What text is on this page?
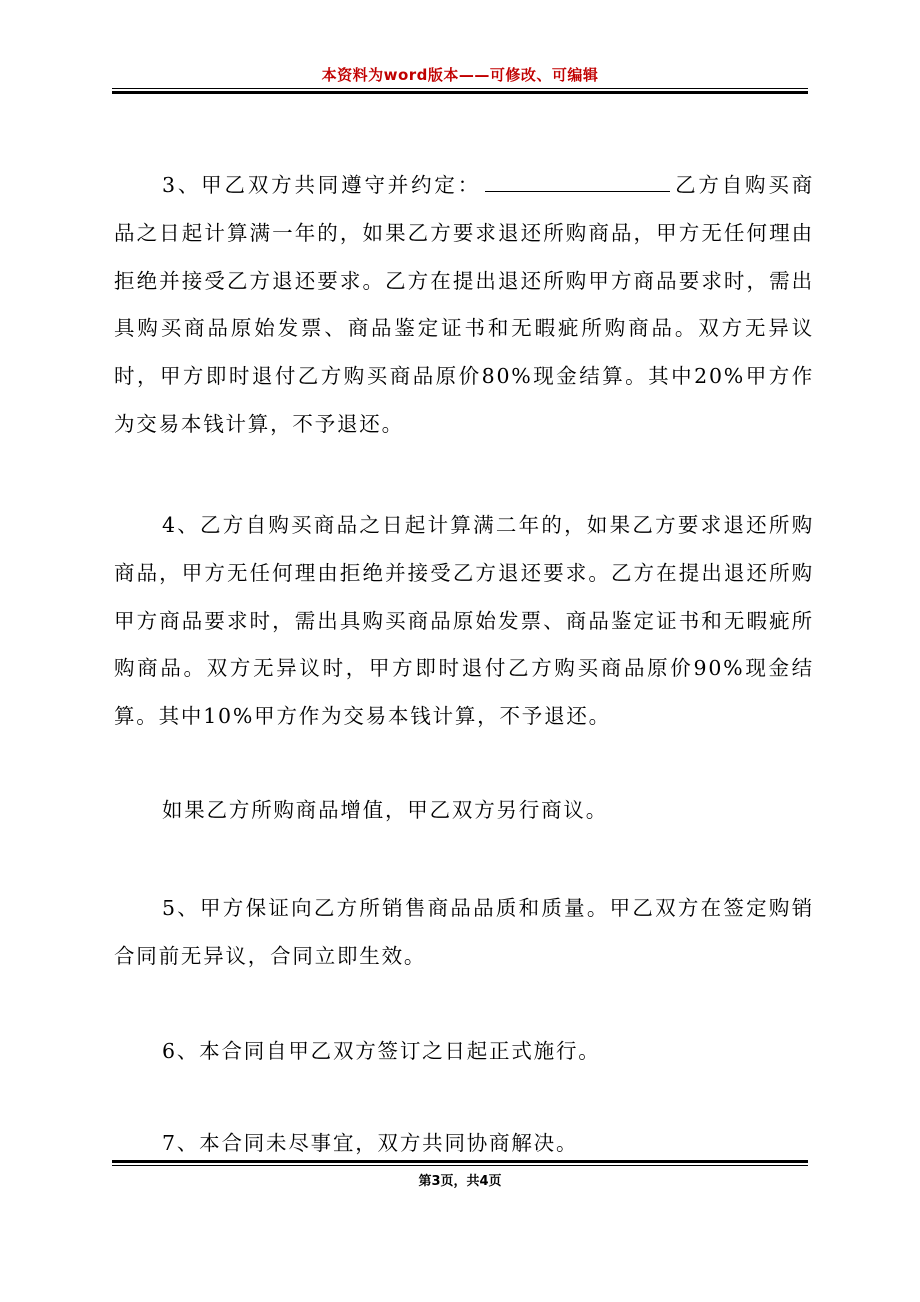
本资料为word版本——可修改、可编辑

3、甲乙双方共同遵守并约定：	乙方自购买商品之日起计算满一年的，如果乙方要求退还所购商品，甲方无任何理由拒绝并接受乙方退还要求。乙方在提出退还所购甲方商品要求时，需出具购买商品原始发票、商品鉴定证书和无暇疵所购商品。双方无异议时，甲方即时退付乙方购买商品原价80%现金结算。其中20%甲方作为交易本钱计算，不予退还。

4、乙方自购买商品之日起计算满二年的，如果乙方要求退还所购商品，甲方无任何理由拒绝并接受乙方退还要求。乙方在提出退还所购甲方商品要求时，需出具购买商品原始发票、商品鉴定证书和无暇疵所购商品。双方无异议时，甲方即时退付乙方购买商品原价90%现金结算。其中10%甲方作为交易本钱计算，不予退还。

如果乙方所购商品增值，甲乙双方另行商议。

5、甲方保证向乙方所销售商品品质和质量。甲乙双方在签定购销合同前无异议，合同立即生效。

6、本合同自甲乙双方签订之日起正式施行。

7、本合同未尽事宜，双方共同协商解决。

第3页，共4页
